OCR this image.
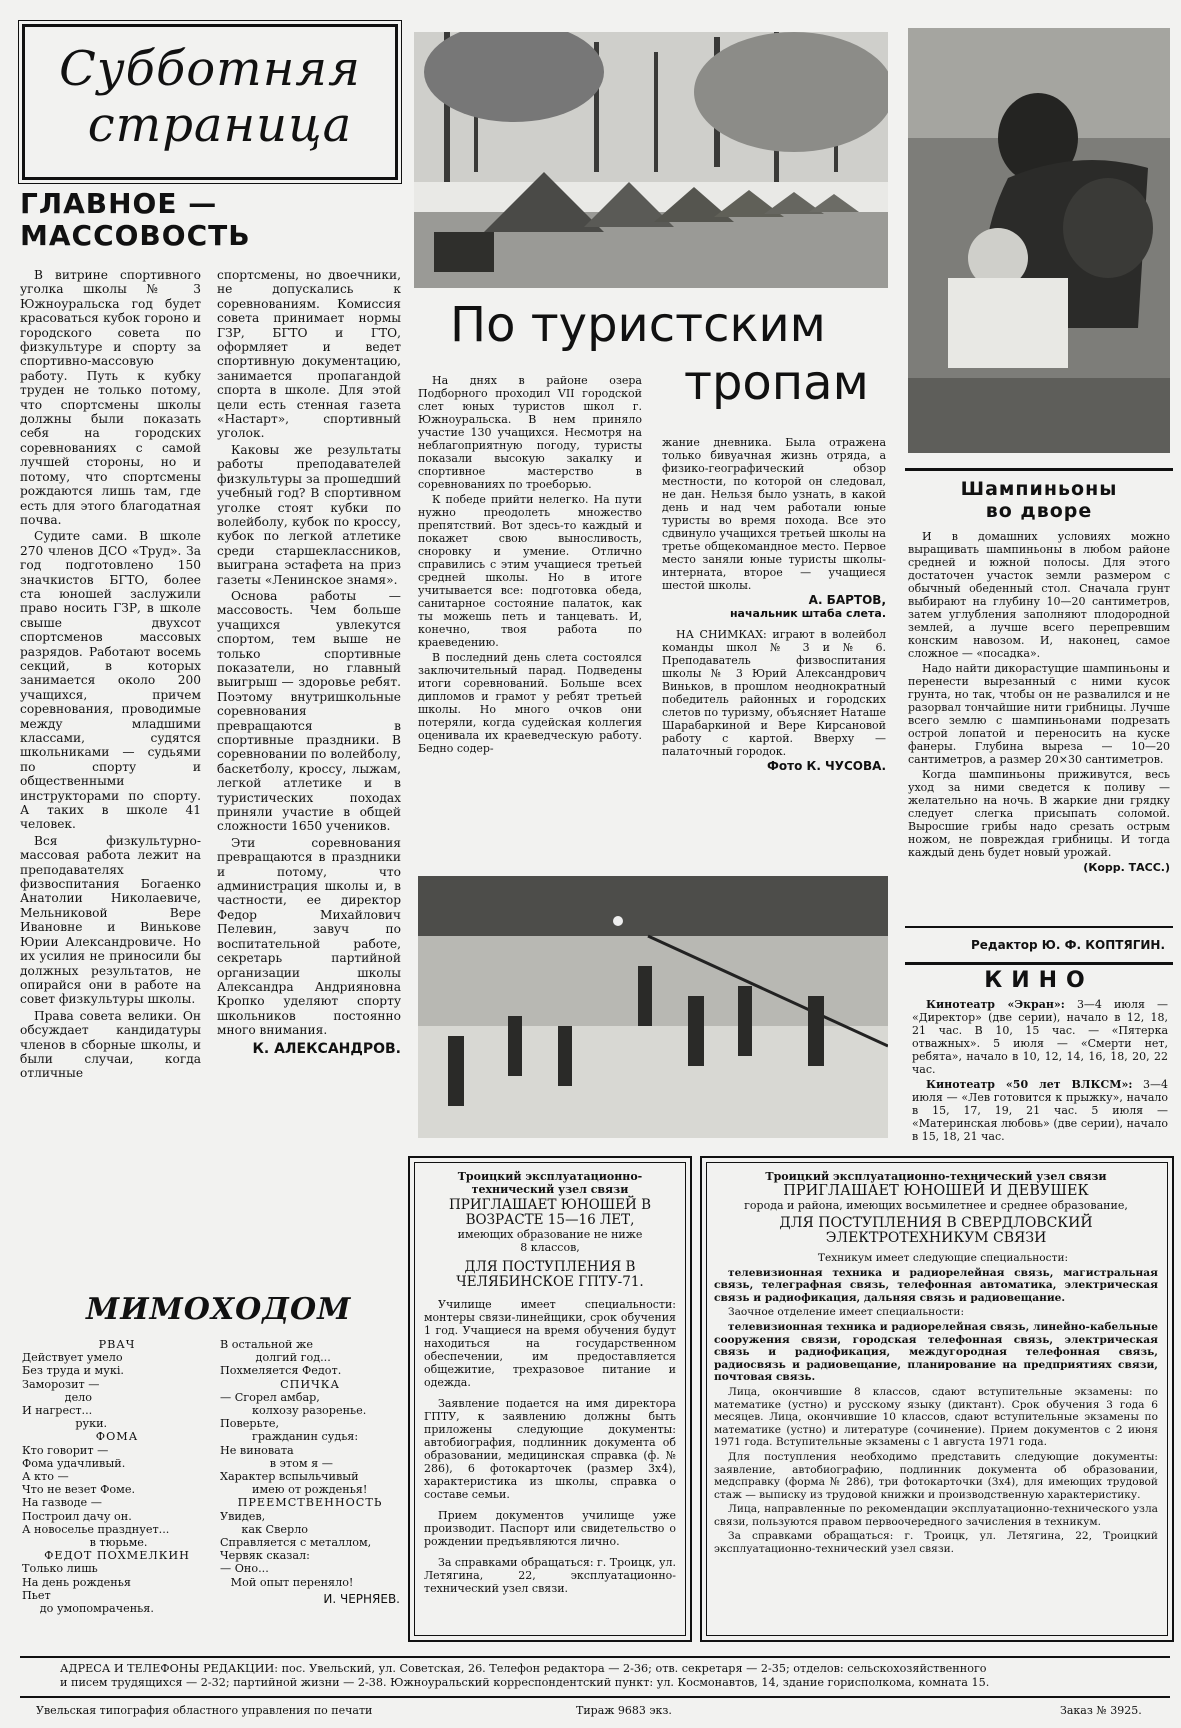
Субботняя
страница
ГЛАВНОЕ —
МАССОВОСТЬ

В витрине спортивного уголка школы № 3 Южноуральска год будет красоваться кубок гороно и городского совета по физкультуре и спорту за спортивно-массовую работу. Путь к кубку труден не только потому, что спортсмены школы должны были показать себя на городских соревнованиях с самой лучшей стороны, но и потому, что спортсмены рождаются лишь там, где есть для этого благодатная почва.

Судите сами. В школе 270 членов ДСО «Труд». За год подготовлено 150 значкистов БГТО, более ста юношей заслужили право носить ГЗР, в школе свыше двухсот спортсменов массовых разрядов. Работают восемь секций, в которых занимается около 200 учащихся, причем соревнования, проводимые между младшими классами, судятся школьниками — судьями по спорту и общественными инструкторами по спорту. А таких в школе 41 человек.

Вся физкультурно-массовая работа лежит на преподавателях физвоспитания Богаенко Анатолии Николаевиче, Мельниковой Вере Ивановне и Винькове Юрии Александровиче. Но их усилия не приносили бы должных результатов, не опирайся они в работе на совет физкультуры школы.

Права совета велики. Он обсуждает кандидатуры членов в сборные школы, и были случаи, когда отличные

спортсмены, но двоечники, не допускались к соревнованиям. Комиссия совета принимает нормы ГЗР, БГТО и ГТО, оформляет и ведет спортивную документацию, занимается пропагандой спорта в школе. Для этой цели есть стенная газета «Настарт», спортивный уголок.

Каковы же результаты работы преподавателей физкультуры за прошедший учебный год? В спортивном уголке стоят кубки по волейболу, кубок по кроссу, кубок по легкой атлетике среди старшеклассников, выиграна эстафета на приз газеты «Ленинское знамя».

Основа работы — массовость. Чем больше учащихся увлекутся спортом, тем выше не только спортивные показатели, но главный выигрыш — здоровье ребят. Поэтому внутришкольные соревнования превращаются в спортивные праздники. В соревновании по волейболу, баскетболу, кроссу, лыжам, легкой атлетике и в туристических походах приняли участие в общей сложности 1650 учеников.

Эти соревнования превращаются в праздники и потому, что администрация школы и, в частности, ее директор Федор Михайлович Пелевин, завуч по воспитательной работе, секретарь партийной организации школы Александра Андрияновна Кропко уделяют спорту школьников постоянно много внимания.

К. АЛЕКСАНДРОВ.
По туристским
тропам

На днях в районе озера Подборного проходил VII городской слет юных туристов школ г. Южноуральска. В нем приняло участие 130 учащихся. Несмотря на неблагоприятную погоду, туристы показали высокую закалку и спортивное мастерство в соревнованиях по троеборью.

К победе прийти нелегко. На пути нужно преодолеть множество препятствий. Вот здесь-то каждый и покажет свою выносливость, сноровку и умение. Отлично справились с этим учащиеся третьей средней школы. Но в итоге учитывается все: подготовка обеда, санитарное состояние палаток, как ты можешь петь и танцевать. И, конечно, твоя работа по краеведению.

В последний день слета состоялся заключительный парад. Подведены итоги соревнований. Больше всех дипломов и грамот у ребят третьей школы. Но много очков они потеряли, когда судейская коллегия оценивала их краеведческую работу. Бедно содер-

жание дневника. Была отражена только бивуачная жизнь отряда, а физико-географический обзор местности, по которой он следовал, не дан. Нельзя было узнать, в какой день и над чем работали юные туристы во время похода. Все это сдвинуло учащихся третьей школы на третье общекомандное место. Первое место заняли юные туристы школы-интерната, второе — учащиеся шестой школы.

А. БАРТОВ,
начальник штаба слета.

НА СНИМКАХ: играют в волейбол команды школ № 3 и № 6. Преподаватель физвоспитания школы № 3 Юрий Александрович Виньков, в прошлом неоднократный победитель районных и городских слетов по туризму, объясняет Наташе Шарабаркиной и Вере Кирсановой работу с картой. Вверху — палаточный городок.

Фото К. ЧУСОВА.
Шампиньоны
во дворе

И в домашних условиях можно выращивать шампиньоны в любом районе средней и южной полосы. Для этого достаточен участок земли размером с обычный обеденный стол. Сначала грунт выбирают на глубину 10—20 сантиметров, затем углубления заполняют плодородной землей, а лучше всего перепревшим конским навозом. И, наконец, самое сложное — «посадка».

Надо найти дикорастущие шампиньоны и перенести вырезанный с ними кусок грунта, но так, чтобы он не развалился и не разорвал тончайшие нити грибницы. Лучше всего землю с шампиньонами подрезать острой лопатой и переносить на куске фанеры. Глубина выреза — 10—20 сантиметров, а размер 20×30 сантиметров.

Когда шампиньоны приживутся, весь уход за ними сведется к поливу — желательно на ночь. В жаркие дни грядку следует слегка присыпать соломой. Выросшие грибы надо срезать острым ножом, не повреждая грибницы. И тогда каждый день будет новый урожай.

(Корр. ТАСС.)
Редактор Ю. Ф. КОПТЯГИН.
КИНО

Кинотеатр «Экран»: 3—4 июля — «Директор» (две серии), начало в 12, 18, 21 час. В 10, 15 час. — «Пятерка отважных». 5 июля — «Смерти нет, ребята», начало в 10, 12, 14, 16, 18, 20, 22 час.

Кинотеатр «50 лет ВЛКСМ»: 3—4 июля — «Лев готовится к прыжку», начало в 15, 17, 19, 21 час. 5 июля — «Материнская любовь» (две серии), начало в 15, 18, 21 час.

МИМОХОДОМ
РВАЧ
Действует умело
Без труда и мукi.
Заморозит —
дело
И нагрест...
руки.
ФОМА
Кто говорит —
Фома удачливый.
А кто —
Что не везет Фоме.
На газводе —
Построил дачу он.
А новоселье празднует...
в тюрьме.
ФЕДОТ ПОХМЕЛКИН
Только лишь
На день рожденья
Пьет
до умопомраченья.
В остальной же
долгий год...
Похмеляется Федот.
СПИЧКА
— Сгорел амбар,
колхозу разоренье.
Поверьте,
гражданин судья:
Не виновата
в этом я —
Характер вспыльчивый
имею от рожденья!
ПРЕЕМСТВЕННОСТЬ
Увидев,
как Сверло
Справляется с металлом,
Червяк сказал:
— Оно...
Мой опыт переняло!
И. ЧЕРНЯЕВ.
Троицкий эксплуатационно-технический узел связи
ПРИГЛАШАЕТ ЮНОШЕЙ В ВОЗРАСТЕ 15—16 ЛЕТ,
имеющих образование не ниже 8 классов,
ДЛЯ ПОСТУПЛЕНИЯ В ЧЕЛЯБИНСКОЕ ГПТУ-71.

Училище имеет специальности: монтеры связи-линейщики, срок обучения 1 год. Учащиеся на время обучения будут находиться на государственном обеспечении, им предоставляется общежитие, трехразовое питание и одежда.

Заявление подается на имя директора ГПТУ, к заявлению должны быть приложены следующие документы: автобиография, подлинник документа об образовании, медицинская справка (ф. № 286), 6 фотокарточек (размер 3х4), характеристика из школы, справка о составе семьи.

Прием документов училище уже производит. Паспорт или свидетельство о рождении предъявляются лично.

За справками обращаться: г. Троицк, ул. Летягина, 22, эксплуатационно-технический узел связи.

Троицкий эксплуатационно-технический узел связи
ПРИГЛАШАЕТ ЮНОШЕЙ И ДЕВУШЕК
города и района, имеющих восьмилетнее и среднее образование,
ДЛЯ ПОСТУПЛЕНИЯ В СВЕРДЛОВСКИЙ ЭЛЕКТРОТЕХНИКУМ СВЯЗИ

Техникум имеет следующие специальности:

телевизионная техника и радиорелейная связь, магистральная связь, телеграфная связь, телефонная автоматика, электрическая связь и радиофикация, дальняя связь и радиовещание.

Заочное отделение имеет специальности:

телевизионная техника и радиорелейная связь, линейно-кабельные сооружения связи, городская телефонная связь, электрическая связь и радиофикация, междугородная телефонная связь, радиосвязь и радиовещание, планирование на предприятиях связи, почтовая связь.

Лица, окончившие 8 классов, сдают вступительные экзамены: по математике (устно) и русскому языку (диктант). Срок обучения 3 года 6 месяцев. Лица, окончившие 10 классов, сдают вступительные экзамены по математике (устно) и литературе (сочинение). Прием документов с 2 июня 1971 года. Вступительные экзамены с 1 августа 1971 года.

Для поступления необходимо представить следующие документы: заявление, автобиографию, подлинник документа об образовании, медсправку (форма № 286), три фотокарточки (3х4), для имеющих трудовой стаж — выписку из трудовой книжки и производственную характеристику.

Лица, направленные по рекомендации эксплуатационно-технического узла связи, пользуются правом первоочередного зачисления в техникум.

За справками обращаться: г. Троицк, ул. Летягина, 22, Троицкий эксплуатационно-технический узел связи.

АДРЕСА И ТЕЛЕФОНЫ РЕДАКЦИИ: пос. Увельский, ул. Советская, 26. Телефон редактора — 2-36; отв. секретаря — 2-35; отделов: сельскохозяйственного
и писем трудящихся — 2-32; партийной жизни — 2-38. Южноуральский корреспондентский пункт: ул. Космонавтов, 14, здание горисполкома, комната 15.
Увельская типография областного управления по печати	Тираж 9683 экз.	Заказ № 3925.
